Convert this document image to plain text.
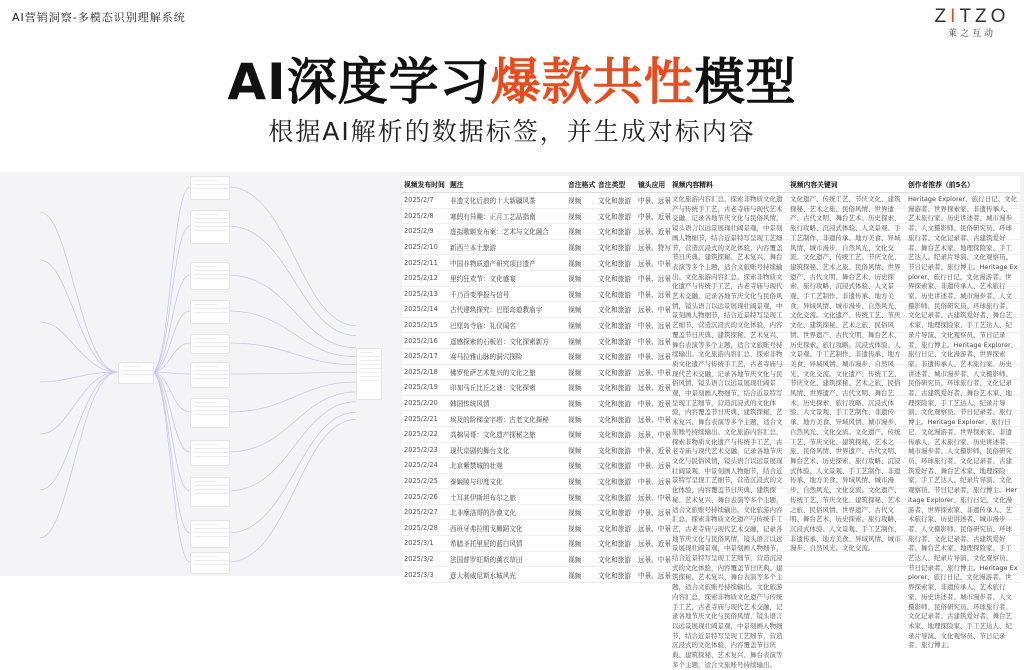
AI营销洞察-多模态识别理解系统	ZITZO
莱之互动
AI深度学习爆款共性模型
根据AI解析的数据标签，并生成对标内容
视频发布时间	题注	音注格式	音注类型	镜头应用	视频内容精料	视频内容关键词	创作者推荐（前5名）
2025/2/7	非遗文化后浪的十大新疆风茶	视频	文化和旅游	中景、远景			
2025/2/8	寒假有异趣：正月工艺品指南	视频	文化和旅游	中景、近景			
2025/2/9	虚拟歌姬发布案：艺术与文化融合	视频	文化和旅游	远景、近景			
2025/2/10	新西兰本土旅游	视频	文化和旅游	远景、特写			
2025/2/11	中国非物质遗产研究项目遗产	视频	文化和旅游	远景、中景			
2025/2/12	里约狂欢节：文化盛宴	视频	文化和旅游	中景、远景			
2025/2/13	千乃百变季报与信号	视频	文化和旅游	中景、远景			
2025/2/14	古代建筑探究：巴厘岛道教庙宇	视频	文化和旅游	远景、中景			
2025/2/15	巴厘岛寺庙：礼仪闻名	视频	文化和旅游	中景、远景			
2025/2/16	遥感探索的石板岩：文化探索新方	视频	文化和旅游	中景、远景			
2025/2/17	赛马拉雅山脉的洞穴探险	视频	文化和旅游	中景、远景			
2025/2/18	佛罗伦萨艺术复兴的文化之旅	视频	文化和旅游	远景、中景			
2025/2/19	印加马丘比丘之谜：文化探索	视频	文化和旅游	远景、近景			
2025/2/20	韩国传统风情	视频	文化和旅游	中景、近景			
2025/2/21	埃及的阶梯金字塔：古老文化探秘	视频	文化和旅游	远景、中景			
2025/2/22	高棉吴哥：文化遗产探秘之旅	视频	文化和旅游	远景、中景			
2025/2/23	现代京剧的舞台文化	视频	文化和旅游	中景、近景			
2025/2/24	北京紫禁城的壮观	视频	文化和旅游	中景、远景			
2025/2/25	泰姬陵与印度文化	视频	文化和旅游	中景、远景			
2025/2/26	土耳其伊斯坦布尔之旅	视频	文化和旅游	远景、中景			
2025/2/27	北非摩洛哥的沙漠文化	视频	文化和旅游	中景、远景			
2025/2/28	西班牙弗拉明戈舞蹈文化	视频	文化和旅游	远景、中景			
2025/3/1	希腊圣托里尼的蓝白风情	视频	文化和旅游	远景、近景			
2025/3/2	法国普罗旺斯的薰衣草田	视频	文化和旅游	远景、中景			
2025/3/3	意大利威尼斯水城风光	视频	文化和旅游	中景、远景			
文化旅游内容汇总，探索非物质文化遗产与传统手工艺，古老寺庙与现代艺术交融，记录各地节庆文化与民俗风情，镜头语言以远景展现壮阔景观，中景刻画人物细节，结合近景特写呈现工艺细节，营造沉浸式的文化体验，内容覆盖节日庆典、建筑探秘、艺术复兴、舞台表演等多个主题，适合文旅账号持续输出。文化旅游内容汇总，探索非物质文化遗产与传统手工艺，古老寺庙与现代艺术交融，记录各地节庆文化与民俗风情，镜头语言以远景展现壮阔景观，中景刻画人物细节，结合近景特写呈现工艺细节，营造沉浸式的文化体验，内容覆盖节日庆典、建筑探秘、艺术复兴、舞台表演等多个主题，适合文旅账号持续输出。文化旅游内容汇总，探索非物质文化遗产与传统手工艺，古老寺庙与现代艺术交融，记录各地节庆文化与民俗风情，镜头语言以远景展现壮阔景观，中景刻画人物细节，结合近景特写呈现工艺细节，营造沉浸式的文化体验，内容覆盖节日庆典、建筑探秘、艺术复兴、舞台表演等多个主题，适合文旅账号持续输出。文化旅游内容汇总，探索非物质文化遗产与传统手工艺，古老寺庙与现代艺术交融，记录各地节庆文化与民俗风情，镜头语言以远景展现壮阔景观，中景刻画人物细节，结合近景特写呈现工艺细节，营造沉浸式的文化体验，内容覆盖节日庆典、建筑探秘、艺术复兴、舞台表演等多个主题，适合文旅账号持续输出。文化旅游内容汇总，探索非物质文化遗产与传统手工艺，古老寺庙与现代艺术交融，记录各地节庆文化与民俗风情，镜头语言以远景展现壮阔景观，中景刻画人物细节，结合近景特写呈现工艺细节，营造沉浸式的文化体验，内容覆盖节日庆典、建筑探秘、艺术复兴、舞台表演等多个主题，适合文旅账号持续输出。文化旅游内容汇总，探索非物质文化遗产与传统手工艺，古老寺庙与现代艺术交融，记录各地节庆文化与民俗风情，镜头语言以远景展现壮阔景观，中景刻画人物细节，结合近景特写呈现工艺细节，营造沉浸式的文化体验，内容覆盖节日庆典、建筑探秘、艺术复兴、舞台表演等多个主题，适合文旅账号持续输出。
文化遗产、传统工艺、节庆文化、建筑探秘、艺术之旅、民俗风情、世界遗产、古代文明、舞台艺术、历史探索、旅行攻略、沉浸式体验、人文景观、手工艺制作、非遗传承、地方美食、异域风情、城市漫步、自然风光、文化交流。文化遗产、传统工艺、节庆文化、建筑探秘、艺术之旅、民俗风情、世界遗产、古代文明、舞台艺术、历史探索、旅行攻略、沉浸式体验、人文景观、手工艺制作、非遗传承、地方美食、异域风情、城市漫步、自然风光、文化交流。文化遗产、传统工艺、节庆文化、建筑探秘、艺术之旅、民俗风情、世界遗产、古代文明、舞台艺术、历史探索、旅行攻略、沉浸式体验、人文景观、手工艺制作、非遗传承、地方美食、异域风情、城市漫步、自然风光、文化交流。文化遗产、传统工艺、节庆文化、建筑探秘、艺术之旅、民俗风情、世界遗产、古代文明、舞台艺术、历史探索、旅行攻略、沉浸式体验、人文景观、手工艺制作、非遗传承、地方美食、异域风情、城市漫步、自然风光、文化交流。文化遗产、传统工艺、节庆文化、建筑探秘、艺术之旅、民俗风情、世界遗产、古代文明、舞台艺术、历史探索、旅行攻略、沉浸式体验、人文景观、手工艺制作、非遗传承、地方美食、异域风情、城市漫步、自然风光、文化交流。文化遗产、传统工艺、节庆文化、建筑探秘、艺术之旅、民俗风情、世界遗产、古代文明、舞台艺术、历史探索、旅行攻略、沉浸式体验、人文景观、手工艺制作、非遗传承、地方美食、异域风情、城市漫步、自然风光、文化交流。
Heritage Explorer、旅行日记、文化漫游者、世界探索家、非遗传承人、艺术旅行家、历史讲述者、城市漫步者、人文摄影师、民俗研究员、环球旅行者、文化记录者、古建筑爱好者、舞台艺术家、地理探险家、手工艺达人、纪录片导演、文化观察员、节日记录者、旅行博主。Heritage Explorer、旅行日记、文化漫游者、世界探索家、非遗传承人、艺术旅行家、历史讲述者、城市漫步者、人文摄影师、民俗研究员、环球旅行者、文化记录者、古建筑爱好者、舞台艺术家、地理探险家、手工艺达人、纪录片导演、文化观察员、节日记录者、旅行博主。Heritage Explorer、旅行日记、文化漫游者、世界探索家、非遗传承人、艺术旅行家、历史讲述者、城市漫步者、人文摄影师、民俗研究员、环球旅行者、文化记录者、古建筑爱好者、舞台艺术家、地理探险家、手工艺达人、纪录片导演、文化观察员、节日记录者、旅行博主。Heritage Explorer、旅行日记、文化漫游者、世界探索家、非遗传承人、艺术旅行家、历史讲述者、城市漫步者、人文摄影师、民俗研究员、环球旅行者、文化记录者、古建筑爱好者、舞台艺术家、地理探险家、手工艺达人、纪录片导演、文化观察员、节日记录者、旅行博主。Heritage Explorer、旅行日记、文化漫游者、世界探索家、非遗传承人、艺术旅行家、历史讲述者、城市漫步者、人文摄影师、民俗研究员、环球旅行者、文化记录者、古建筑爱好者、舞台艺术家、地理探险家、手工艺达人、纪录片导演、文化观察员、节日记录者、旅行博主。Heritage Explorer、旅行日记、文化漫游者、世界探索家、非遗传承人、艺术旅行家、历史讲述者、城市漫步者、人文摄影师、民俗研究员、环球旅行者、文化记录者、古建筑爱好者、舞台艺术家、地理探险家、手工艺达人、纪录片导演、文化观察员、节日记录者、旅行博主。
